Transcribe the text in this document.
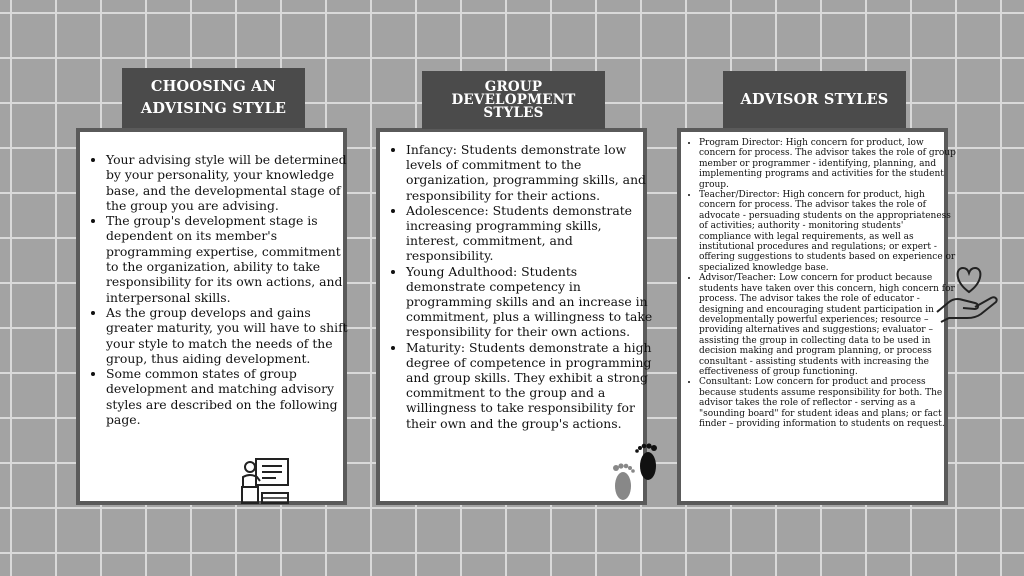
• Your advising style will be determined by your personality, your knowledge base, and the developmental stage of the group you are advising.
• The group's development stage is dependent on its member's programming expertise, commitment to the organization, ability to take responsibility for its own actions, and interpersonal skills.
• As the group develops and gains greater maturity, you will have to shift your style to match the needs of the group, thus aiding development.
• Some common states of group development and matching advisory styles are described on the following page.
CHOOSING AN ADVISING STYLE
• Infancy: Students demonstrate low levels of commitment to the organization, programming skills, and responsibility for their actions.
• Adolescence: Students demonstrate increasing programming skills, interest, commitment, and responsibility.
• Young Adulthood: Students demonstrate competency in programming skills and an increase in commitment, plus a willingness to take responsibility for their own actions.
• Maturity: Students demonstrate a high degree of competence in programming and group skills. They exhibit a strong commitment to the group and a willingness to take responsibility for their own and the group's actions.
GROUP DEVELOPMENT STYLES
• Program Director: High concern for product, low concern for process. The advisor takes the role of group member or programmer - identifying, planning, and implementing programs and activities for the student group.
• Teacher/Director: High concern for product, high concern for process. The advisor takes the role of advocate - persuading students on the appropriateness of activities; authority - monitoring students' compliance with legal requirements, as well as institutional procedures and regulations; or expert - offering suggestions to students based on experience or specialized knowledge base.
• Advisor/Teacher: Low concern for product because students have taken over this concern, high concern for process. The advisor takes the role of educator - designing and encouraging student participation in developmentally powerful experiences; resource – providing alternatives and suggestions; evaluator – assisting the group in collecting data to be used in decision making and program planning, or process consultant - assisting students with increasing the effectiveness of group functioning.
• Consultant: Low concern for product and process because students assume responsibility for both. The advisor takes the role of reflector - serving as a "sounding board" for student ideas and plans; or fact finder – providing information to students on request.
ADVISOR STYLES
